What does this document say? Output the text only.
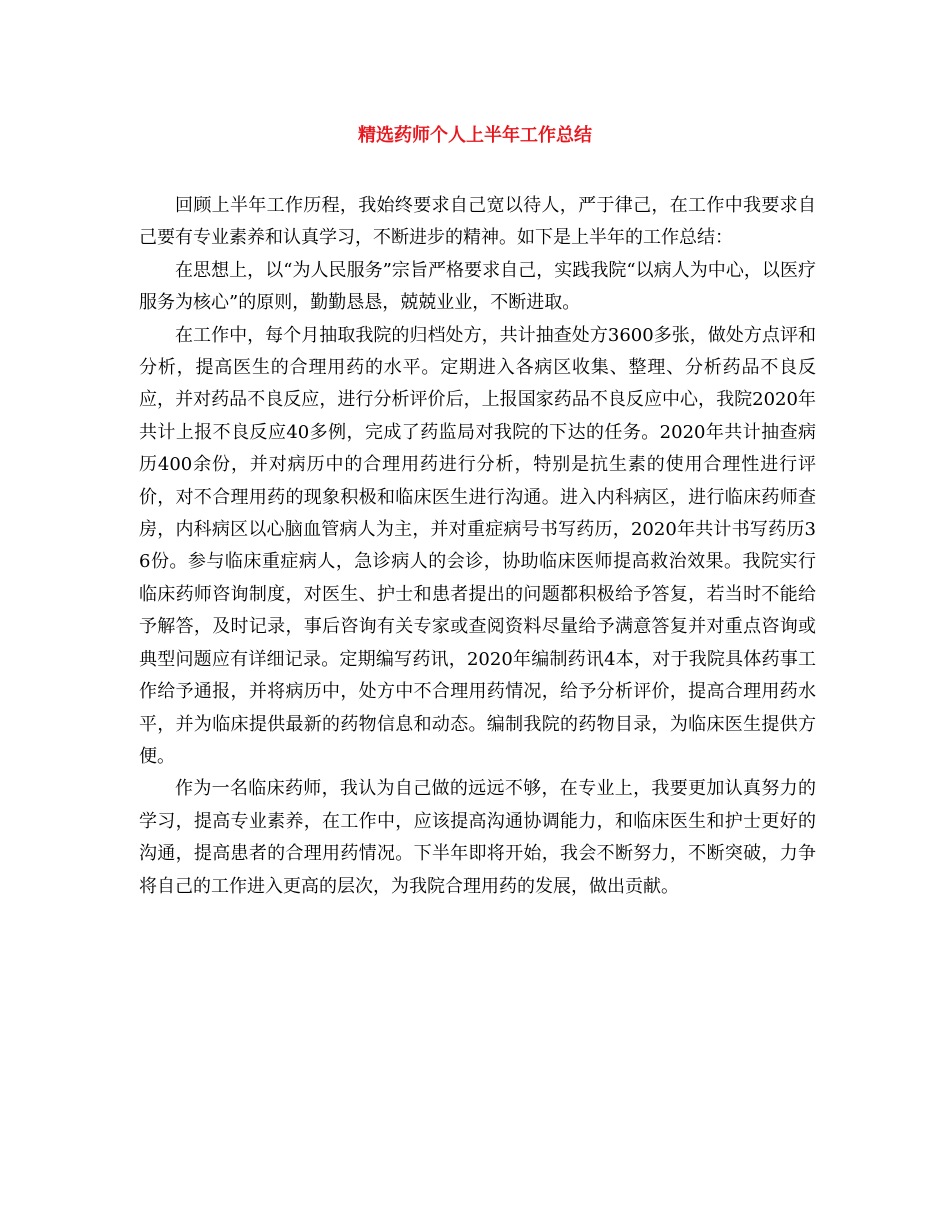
精选药师个人上半年工作总结

回顾上半年工作历程，我始终要求自己宽以待人，严于律己，在工作中我要求自己要有专业素养和认真学习，不断进步的精神。如下是上半年的工作总结：

在思想上，以“为人民服务”宗旨严格要求自己，实践我院“以病人为中心，以医疗服务为核心”的原则，勤勤恳恳，兢兢业业，不断进取。

在工作中，每个月抽取我院的归档处方，共计抽查处方3600多张，做处方点评和分析，提高医生的合理用药的水平。定期进入各病区收集、整理、分析药品不良反应，并对药品不良反应，进行分析评价后，上报国家药品不良反应中心，我院2020年共计上报不良反应40多例，完成了药监局对我院的下达的任务。2020年共计抽查病历400余份，并对病历中的合理用药进行分析，特别是抗生素的使用合理性进行评价，对不合理用药的现象积极和临床医生进行沟通。进入内科病区，进行临床药师查房，内科病区以心脑血管病人为主，并对重症病号书写药历，2020年共计书写药历36份。参与临床重症病人，急诊病人的会诊，协助临床医师提高救治效果。我院实行临床药师咨询制度，对医生、护士和患者提出的问题都积极给予答复，若当时不能给予解答，及时记录，事后咨询有关专家或查阅资料尽量给予满意答复并对重点咨询或典型问题应有详细记录。定期编写药讯，2020年编制药讯4本，对于我院具体药事工作给予通报，并将病历中，处方中不合理用药情况，给予分析评价，提高合理用药水平，并为临床提供最新的药物信息和动态。编制我院的药物目录，为临床医生提供方便。

作为一名临床药师，我认为自己做的远远不够，在专业上，我要更加认真努力的学习，提高专业素养，在工作中，应该提高沟通协调能力，和临床医生和护士更好的沟通，提高患者的合理用药情况。下半年即将开始，我会不断努力，不断突破，力争将自己的工作进入更高的层次，为我院合理用药的发展，做出贡献。
